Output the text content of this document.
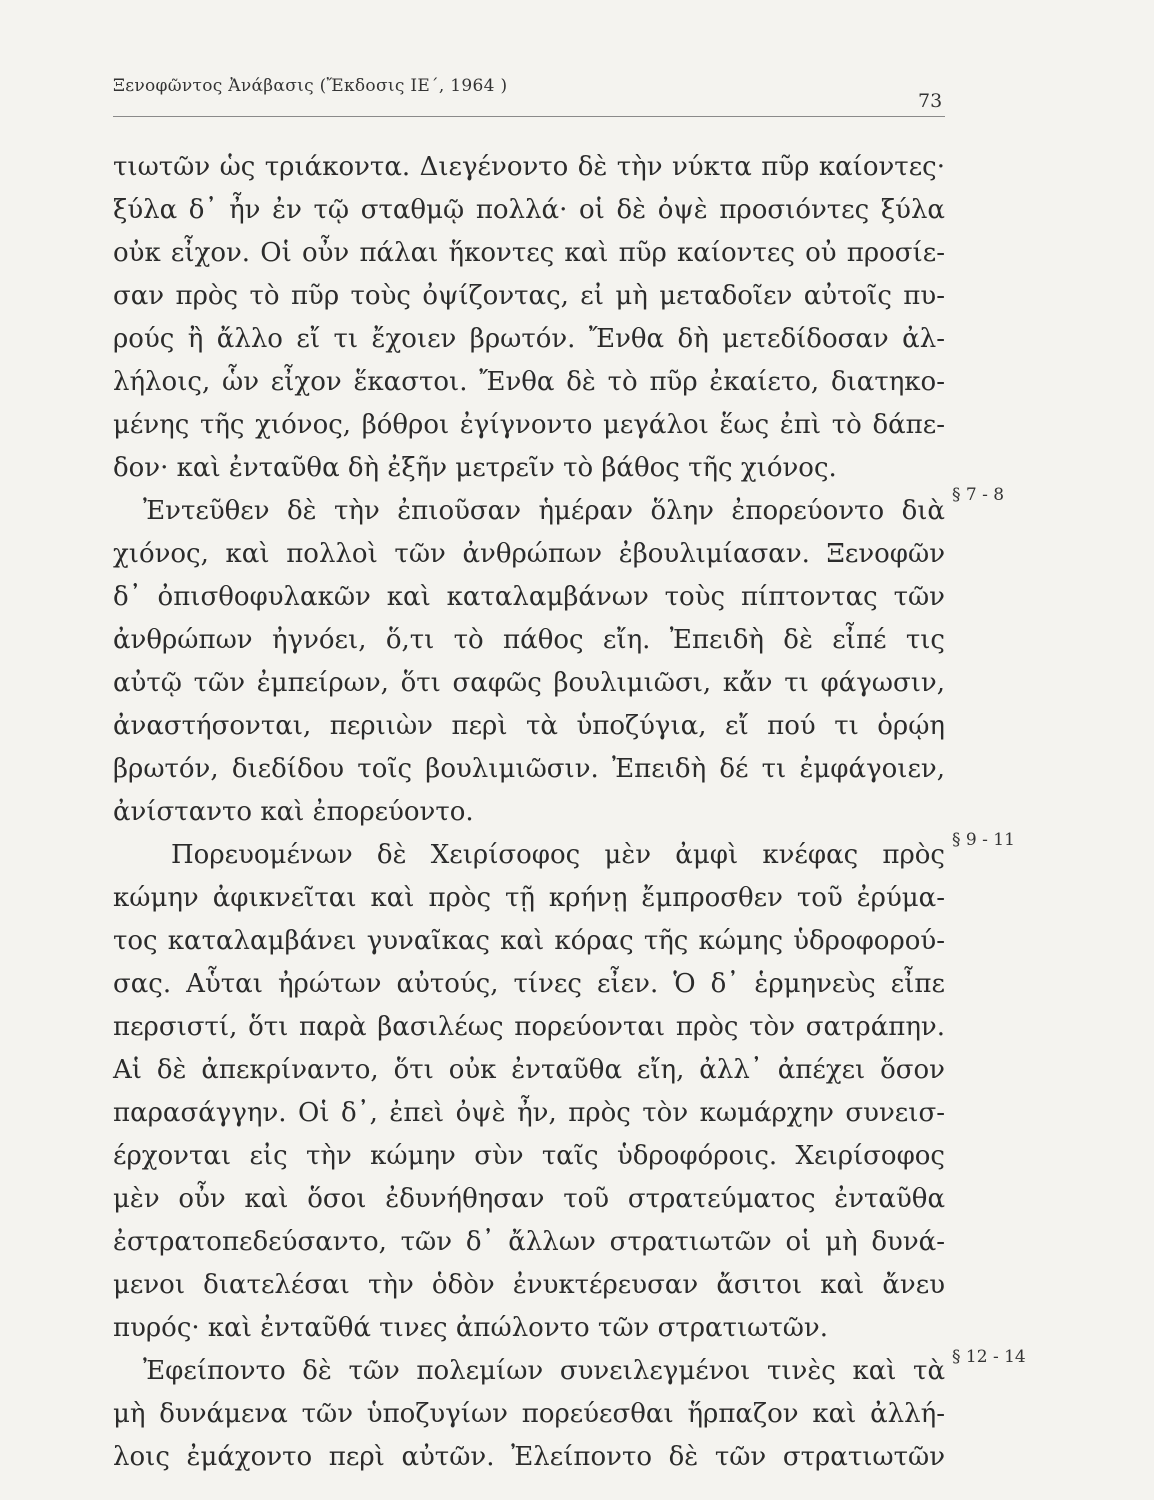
Ξενοφῶντος Ἀνάβασις (Ἔκδοσις ΙΕ΄, 1964 )
73
τιωτῶν ὡς τριάκοντα. Διεγένοντο δὲ τὴν νύκτα πῦρ καίοντες·
ξύλα δ᾽ ἦν ἐν τῷ σταθμῷ πολλά· οἱ δὲ ὀψὲ προσιόντες ξύλα
οὐκ εἶχον. Οἱ οὖν πάλαι ἥκοντες καὶ πῦρ καίοντες οὐ προσίε-
σαν πρὸς τὸ πῦρ τοὺς ὀψίζοντας, εἰ μὴ μεταδοῖεν αὐτοῖς πυ-
ρούς ἢ ἄλλο εἴ τι ἔχοιεν βρωτόν. Ἔνθα δὴ μετεδίδοσαν ἀλ-
λήλοις, ὧν εἶχον ἕκαστοι. Ἔνθα δὲ τὸ πῦρ ἐκαίετο, διατηκο-
μένης τῆς χιόνος, βόθροι ἐγίγνοντο μεγάλοι ἕως ἐπὶ τὸ δάπε-
δον· καὶ ἐνταῦθα δὴ ἐξῆν μετρεῖν τὸ βάθος τῆς χιόνος.
Ἐντεῦθεν δὲ τὴν ἐπιοῦσαν ἡμέραν ὅλην ἐπορεύοντο διὰ
§ 7 - 8
χιόνος, καὶ πολλοὶ τῶν ἀνθρώπων ἐβουλιμίασαν. Ξενοφῶν
δ᾽ ὀπισθοφυλακῶν καὶ καταλαμβάνων τοὺς πίπτοντας τῶν
ἀνθρώπων ἠγνόει, ὅ,τι τὸ πάθος εἴη. Ἐπειδὴ δὲ εἶπέ τις
αὐτῷ τῶν ἐμπείρων, ὅτι σαφῶς βουλιμιῶσι, κἄν τι φάγωσιν,
ἀναστήσονται, περιιὼν περὶ τὰ ὑποζύγια, εἴ πού τι ὁρῴη
βρωτόν, διεδίδου τοῖς βουλιμιῶσιν. Ἐπειδὴ δέ τι ἐμφάγοιεν,
ἀνίσταντο καὶ ἐπορεύοντο.
Πορευομένων δὲ Χειρίσοφος μὲν ἀμφὶ κνέφας πρὸς § 9 - 11
κώμην ἀφικνεῖται καὶ πρὸς τῇ κρήνῃ ἔμπροσθεν τοῦ ἐρύμα-
τος καταλαμβάνει γυναῖκας καὶ κόρας τῆς κώμης ὑδροφορού-
σας. Αὗται ἠρώτων αὐτούς, τίνες εἶεν. Ὁ δ᾽ ἑρμηνεὺς εἶπε
περσιστί, ὅτι παρὰ βασιλέως πορεύονται πρὸς τὸν σατράπην.
Αἱ δὲ ἀπεκρίναντο, ὅτι οὐκ ἐνταῦθα εἴη, ἀλλ᾽ ἀπέχει ὅσον
παρασάγγην. Οἱ δ᾽, ἐπεὶ ὀψὲ ἦν, πρὸς τὸν κωμάρχην συνεισ-
έρχονται εἰς τὴν κώμην σὺν ταῖς ὑδροφόροις. Χειρίσοφος
μὲν οὖν καὶ ὅσοι ἐδυνήθησαν τοῦ στρατεύματος ἐνταῦθα
ἐστρατοπεδεύσαντο, τῶν δ᾽ ἄλλων στρατιωτῶν οἱ μὴ δυνά-
μενοι διατελέσαι τὴν ὁδὸν ἐνυκτέρευσαν ἄσιτοι καὶ ἄνευ
πυρός· καὶ ἐνταῦθά τινες ἀπώλοντο τῶν στρατιωτῶν.
Ἐφείποντο δὲ τῶν πολεμίων συνειλεγμένοι τινὲς καὶ τὰ § 12 - 14
μὴ δυνάμενα τῶν ὑποζυγίων πορεύεσθαι ἥρπαζον καὶ ἀλλή-
λοις ἐμάχοντο περὶ αὐτῶν. Ἐλείποντο δὲ τῶν στρατιωτῶν
